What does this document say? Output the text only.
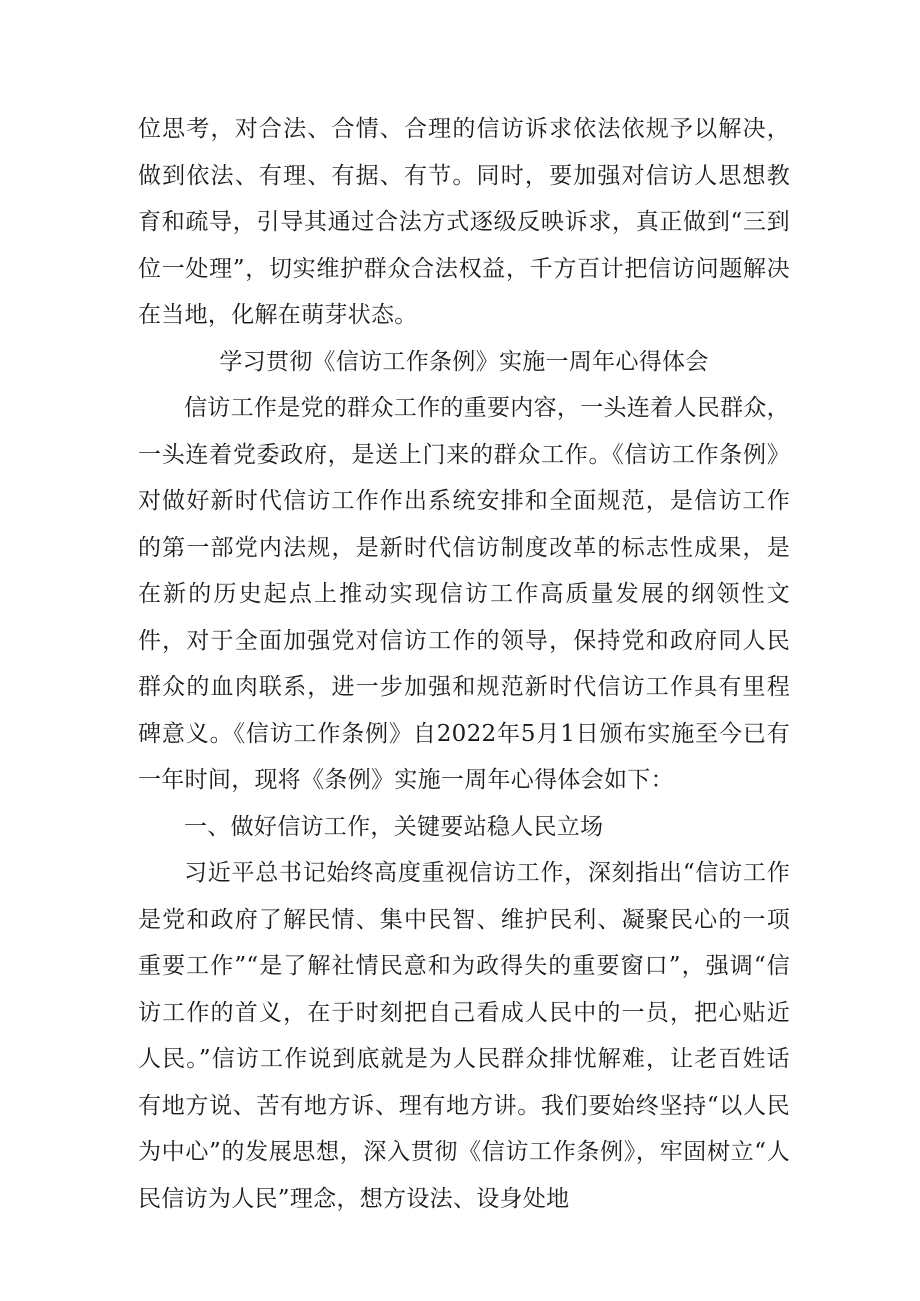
位思考，对合法、合情、合理的信访诉求依法依规予以解决，做到依法、有理、有据、有节。同时，要加强对信访人思想教育和疏导，引导其通过合法方式逐级反映诉求，真正做到“三到位一处理”，切实维护群众合法权益，千方百计把信访问题解决在当地，化解在萌芽状态。

学习贯彻《信访工作条例》实施一周年心得体会

信访工作是党的群众工作的重要内容，一头连着人民群众，一头连着党委政府，是送上门来的群众工作。《信访工作条例》对做好新时代信访工作作出系统安排和全面规范，是信访工作的第一部党内法规，是新时代信访制度改革的标志性成果，是在新的历史起点上推动实现信访工作高质量发展的纲领性文件，对于全面加强党对信访工作的领导，保持党和政府同人民群众的血肉联系，进一步加强和规范新时代信访工作具有里程碑意义。《信访工作条例》自2022年5月1日颁布实施至今已有一年时间，现将《条例》实施一周年心得体会如下：

一、做好信访工作，关键要站稳人民立场

习近平总书记始终高度重视信访工作，深刻指出“信访工作是党和政府了解民情、集中民智、维护民利、凝聚民心的一项重要工作”“是了解社情民意和为政得失的重要窗口”，强调“信访工作的首义，在于时刻把自己看成人民中的一员，把心贴近人民。”信访工作说到底就是为人民群众排忧解难，让老百姓话有地方说、苦有地方诉、理有地方讲。我们要始终坚持“以人民为中心”的发展思想，深入贯彻《信访工作条例》，牢固树立“人民信访为人民”理念，想方设法、设身处地
